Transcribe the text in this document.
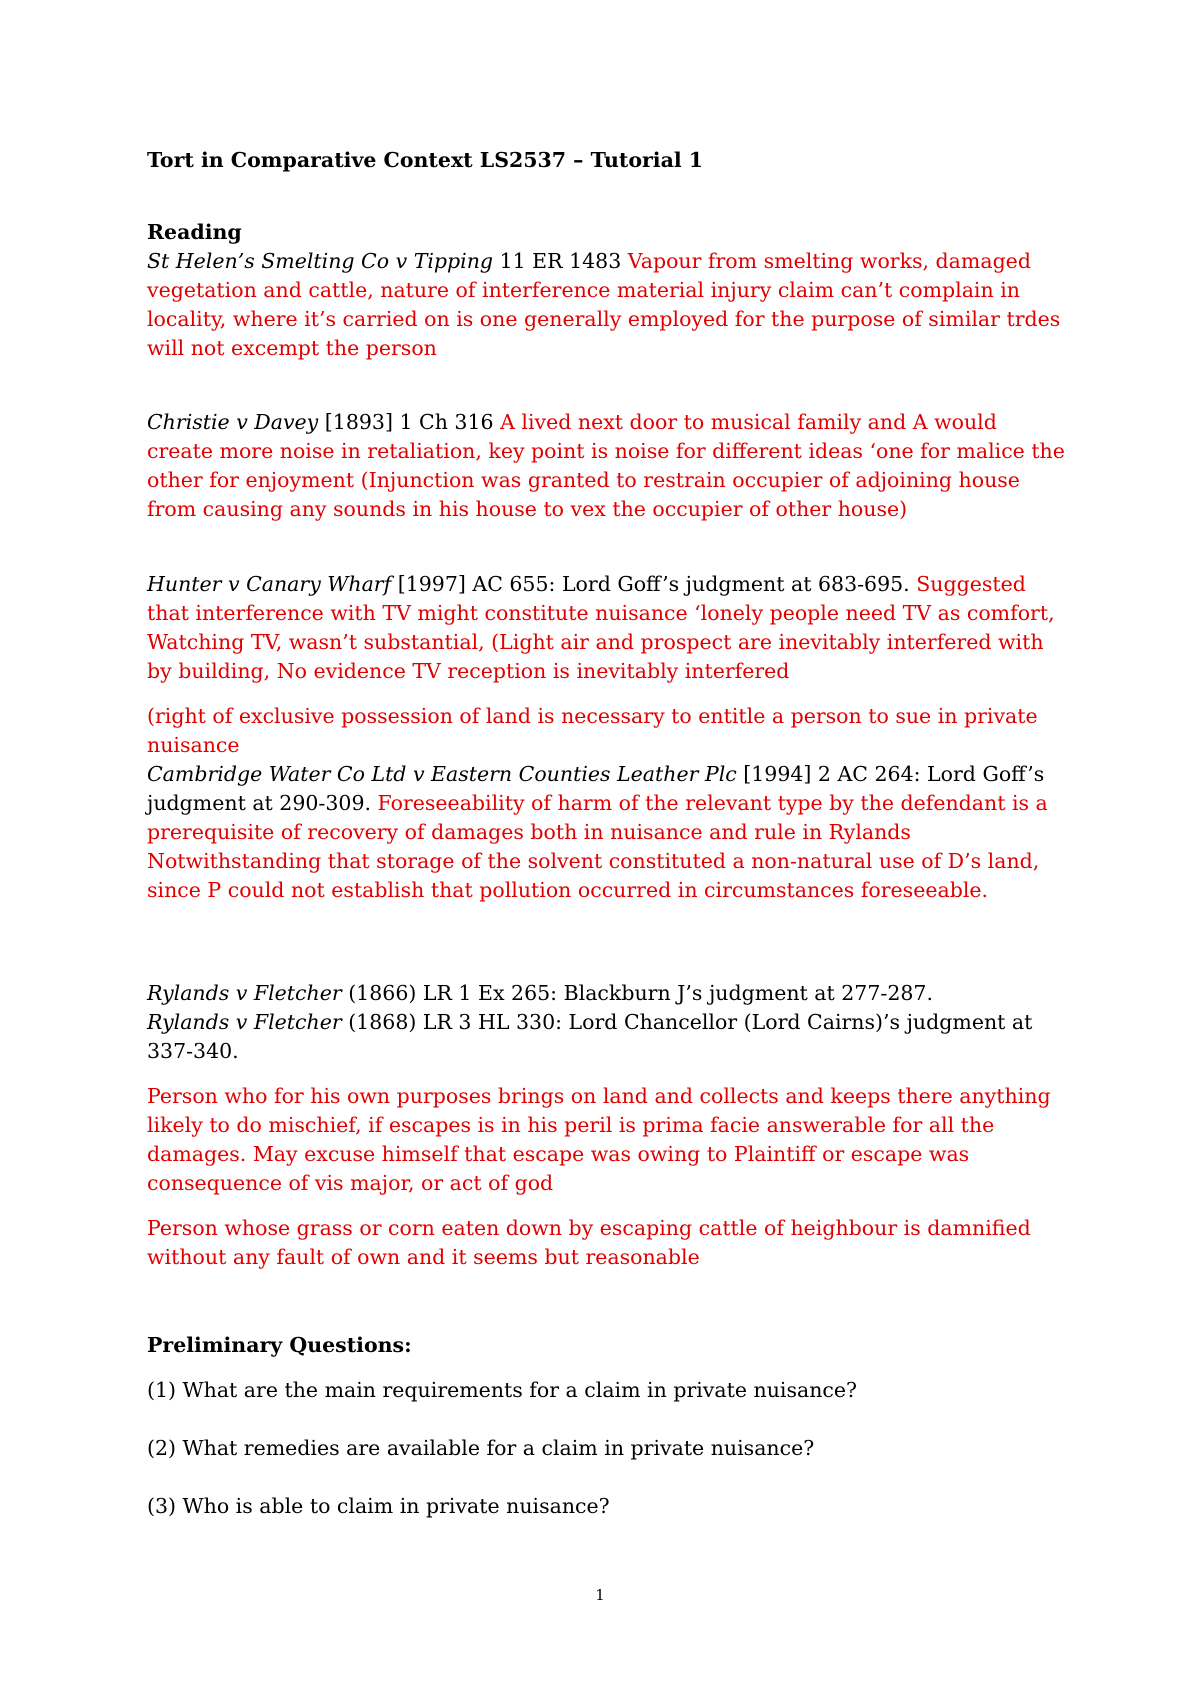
Tort in Comparative Context LS2537 – Tutorial 1

Reading

St Helen’s Smelting Co v Tipping 11 ER 1483 Vapour from smelting works, damaged vegetation and cattle, nature of interference material injury claim can’t complain in locality, where it’s carried on is one generally employed for the purpose of similar trdes will not excempt the person

Christie v Davey [1893] 1 Ch 316 A lived next door to musical family and A would create more noise in retaliation, key point is noise for different ideas ‘one for malice the other for enjoyment (Injunction was granted to restrain occupier of adjoining house from causing any sounds in his house to vex the occupier of other house)

Hunter v Canary Wharf [1997] AC 655: Lord Goff’s judgment at 683-695. Suggested that interference with TV might constitute nuisance ‘lonely people need TV as comfort, Watching TV, wasn’t substantial, (Light air and prospect are inevitably interfered with by building, No evidence TV reception is inevitably interfered

(right of exclusive possession of land is necessary to entitle a person to sue in private nuisance

Cambridge Water Co Ltd v Eastern Counties Leather Plc [1994] 2 AC 264: Lord Goff’s judgment at 290-309. Foreseeability of harm of the relevant type by the defendant is a prerequisite of recovery of damages both in nuisance and rule in Rylands Notwithstanding that storage of the solvent constituted a non-natural use of D’s land, since P could not establish that pollution occurred in circumstances foreseeable.

Rylands v Fletcher (1866) LR 1 Ex 265: Blackburn J’s judgment at 277-287.

Rylands v Fletcher (1868) LR 3 HL 330: Lord Chancellor (Lord Cairns)’s judgment at 337-340.

Person who for his own purposes brings on land and collects and keeps there anything likely to do mischief, if escapes is in his peril is prima facie answerable for all the damages. May excuse himself that escape was owing to Plaintiff or escape was consequence of vis major, or act of god

Person whose grass or corn eaten down by escaping cattle of heighbour is damnified without any fault of own and it seems but reasonable

Preliminary Questions:

(1) What are the main requirements for a claim in private nuisance?

(2) What remedies are available for a claim in private nuisance?

(3) Who is able to claim in private nuisance?

1
